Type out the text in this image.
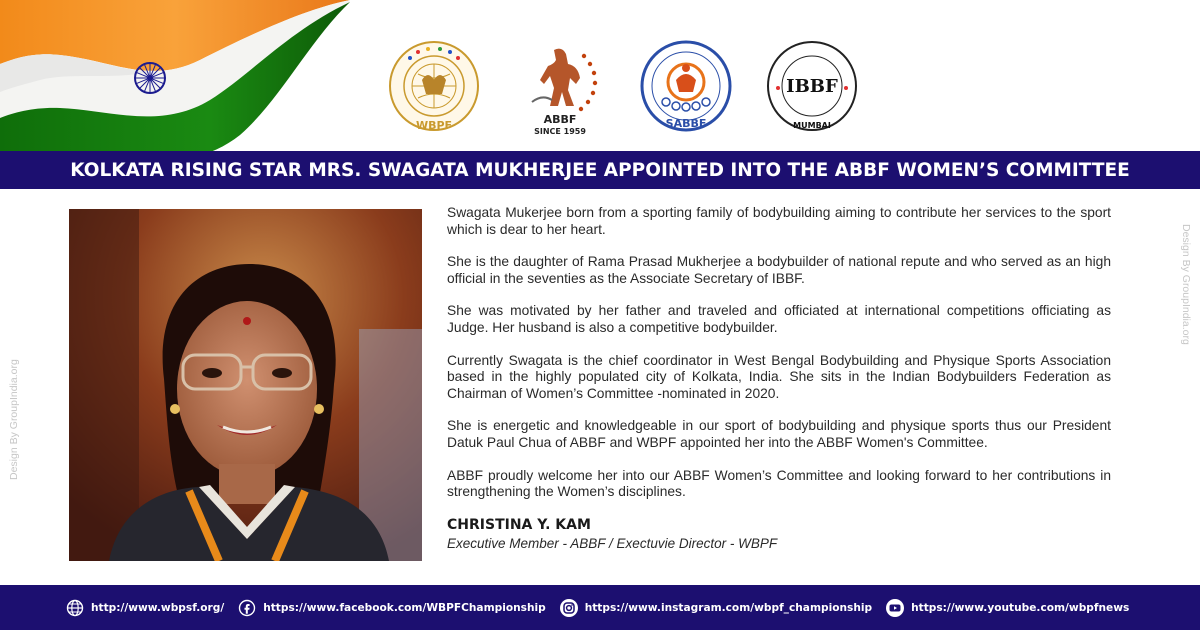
WBPF	ABBF
SINCE 1959
SABBF
IBBF
MUMBAI
KOLKATA RISING STAR MRS. SWAGATA MUKHERJEE APPOINTED INTO THE ABBF WOMEN’S COMMITTEE

Swagata Mukerjee born from a sporting family of bodybuilding aiming to contribute her services to the sport which is dear to her heart.

She is the daughter of Rama Prasad Mukherjee a bodybuilder of national repute and who served as an high official in the seventies as the Associate Secretary of IBBF.

She was motivated by her father and traveled and officiated at international competitions officiating as Judge. Her husband is also a competitive bodybuilder.

Currently Swagata is the chief coordinator in West Bengal Bodybuilding and Physique Sports Association based in the highly populated city of Kolkata, India. She sits in the Indian Bodybuilders Federation as Chairman of Women’s Committee -nominated in 2020.

She is energetic and knowledgeable in our sport of bodybuilding and physique sports thus our President Datuk Paul Chua of ABBF and WBPF appointed her into the ABBF Women's Committee.

ABBF proudly welcome her into our ABBF Women’s Committee and looking forward to her contributions in strengthening the Women’s disciplines.

CHRISTINA Y. KAM
Executive Member - ABBF / Exectuvie Director - WBPF
Design By GroupIndia.org
Design By GroupIndia.org
http://www.wbpsf.org/	https://www.facebook.com/WBPFChampionship	https://www.instagram.com/wbpf_championship	https://www.youtube.com/wbpfnews
